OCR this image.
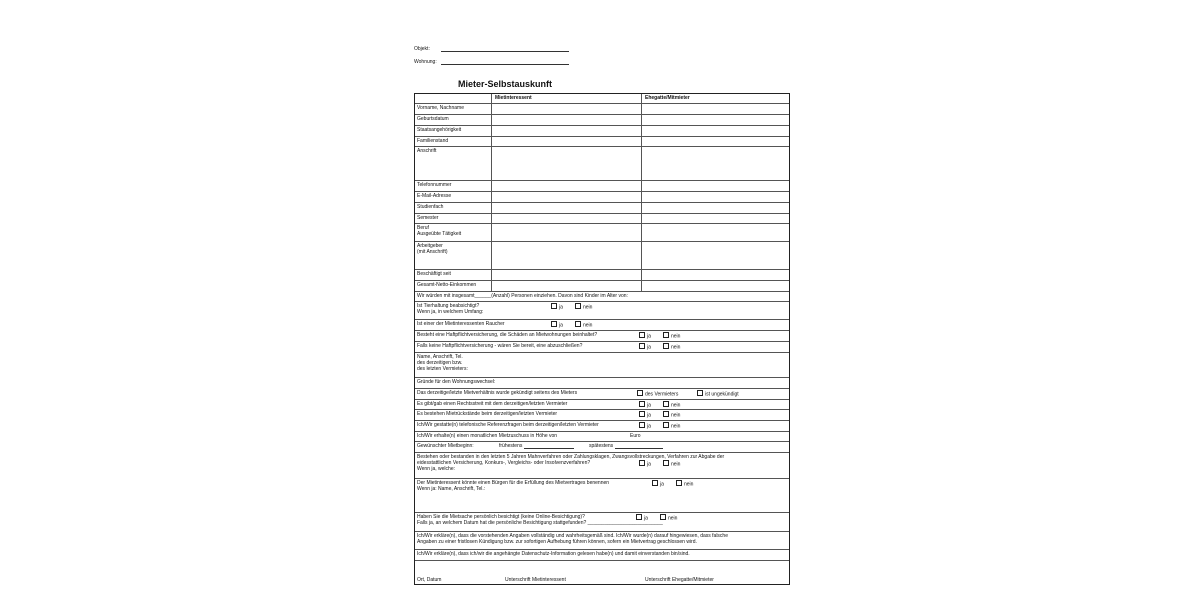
Objekt:
Wohnung:
Mieter-Selbstauskunft
Mietinteressent	Ehegatte/Mitmieter
Vorname, Nachname
Geburtsdatum
Staatsangehörigkeit
Familienstand
Anschrift
Telefonnummer
E-Mail-Adresse
Studienfach
Semester
Beruf
Ausgeübte Tätigkeit
Arbeitgeber
(mit Anschrift)
Beschäftigt seit
Gesamt-Netto-Einkommen
Wir würden mit insgesamt______(Anzahl) Personen einziehen. Davon sind Kinder im Alter von:
Ist Tierhaltung beabsichtigt?
Wenn ja, in welchem Umfang:
ja	nein
Ist einer der Mietinteressenten Raucher	ja	nein
Besteht eine Haftpflichtversicherung, die Schäden an Mietwohnungen beinhaltet?	ja	nein
Falls keine Haftpflichtversicherung - wären Sie bereit, eine abzuschließen?	ja	nein
Name, Anschrift, Tel.
des derzeitigen bzw.
des letzten Vermieters:
Gründe für den Wohnungswechsel:
Das derzeitige/letzte Mietverhältnis wurde gekündigt seitens des Mieters	des Vermieters	ist ungekündigt
Es gibt/gab einen Rechtsstreit mit dem derzeitigen/letzten Vermieter	ja	nein
Es bestehen Mietrückstände beim derzeitigen/letzten Vermieter	ja	nein
Ich/Wir gestatte(n) telefonische Referenzfragen beim derzeitigen/letzten Vermieter	ja	nein
Ich/Wir erhalte(n) einen monatlichen Mietzuschuss in Höhe von	Euro
Gewünschter Mietbeginn:	frühestens	spätestens
Bestehen oder bestanden in den letzten 5 Jahren Mahnverfahren oder Zahlungsklagen, Zwangsvollstreckungen, Verfahren zur Abgabe der
eidesstattlichen Versicherung, Konkurs-, Vergleichs- oder Insolvenzverfahren?
Wenn ja, welche:
ja	nein
Der Mietinteressent könnte einen Bürgen für die Erfüllung des Mietvertrages benennen
Wenn ja: Name, Anschrift, Tel.:
ja	nein
Haben Sie die Mietsache persönlich besichtigt (keine Online-Besichtigung)?
Falls ja, an welchem Datum hat die persönliche Besichtigung stattgefunden? ___________________________
ja	nein
Ich/Wir erkläre(n), dass die vorstehenden Angaben vollständig und wahrheitsgemäß sind. Ich/Wir wurde(n) darauf hingewiesen, dass falsche
Angaben zu einer fristlosen Kündigung bzw. zur sofortigen Aufhebung führen können, sofern ein Mietvertrag geschlossen wird.
Ich/Wir erkläre(n), dass ich/wir die angehängte Datenschutz-Information gelesen habe(n) und damit einverstanden bin/sind.
Ort, Datum	Unterschrift Mietinteressent	Unterschrift Ehegatte/Mitmieter
